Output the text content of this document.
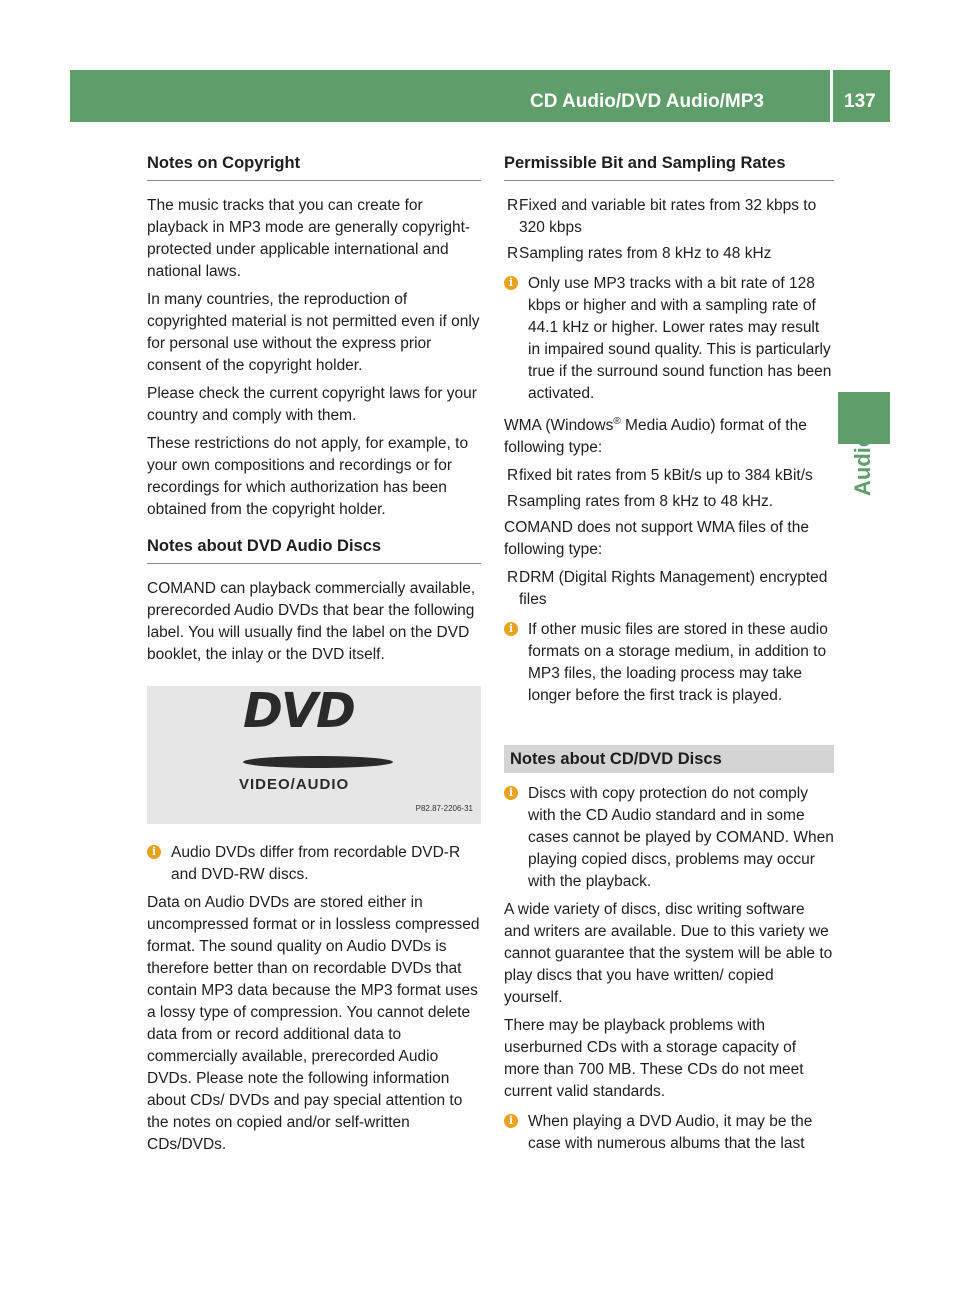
CD Audio/DVD Audio/MP3	137
Audio
Notes on Copyright

The music tracks that you can create for playback in MP3 mode are generally copyright-protected under applicable international and national laws.

In many countries, the reproduction of copyrighted material is not permitted even if only for personal use without the express prior consent of the copyright holder.

Please check the current copyright laws for your country and comply with them.

These restrictions do not apply, for example, to your own compositions and recordings or for recordings for which authorization has been obtained from the copyright holder.

Notes about DVD Audio Discs

COMAND can playback commercially available, prerecorded Audio DVDs that bear the following label. You will usually find the label on the DVD booklet, the inlay or the DVD itself.

DVD
VIDEO/AUDIO
P82.87-2206-31
i Audio DVDs differ from recordable DVD-R and DVD-RW discs.

Data on Audio DVDs are stored either in uncompressed format or in lossless compressed format. The sound quality on Audio DVDs is therefore better than on recordable DVDs that contain MP3 data because the MP3 format uses a lossy type of compression. You cannot delete data from or record additional data to commercially available, prerecorded Audio DVDs. Please note the following information about CDs/ DVDs and pay special attention to the notes on copied and/or self-written CDs/DVDs.

Permissible Bit and Sampling Rates
R Fixed and variable bit rates from 32 kbps to 320 kbps
R Sampling rates from 8 kHz to 48 kHz
i Only use MP3 tracks with a bit rate of 128 kbps or higher and with a sampling rate of 44.1 kHz or higher. Lower rates may result in impaired sound quality. This is particularly true if the surround sound function has been activated.

WMA (Windows® Media Audio) format of the following type:

R fixed bit rates from 5 kBit/s up to 384 kBit/s
R sampling rates from 8 kHz to 48 kHz.

COMAND does not support WMA files of the following type:

R DRM (Digital Rights Management) encrypted files
i If other music files are stored in these audio formats on a storage medium, in addition to MP3 files, the loading process may take longer before the first track is played.
Notes about CD/DVD Discs
i Discs with copy protection do not comply with the CD Audio standard and in some cases cannot be played by COMAND. When playing copied discs, problems may occur with the playback.

A wide variety of discs, disc writing software and writers are available. Due to this variety we cannot guarantee that the system will be able to play discs that you have written/ copied yourself.

There may be playback problems with userburned CDs with a storage capacity of more than 700 MB. These CDs do not meet current valid standards.

i When playing a DVD Audio, it may be the case with numerous albums that the last
